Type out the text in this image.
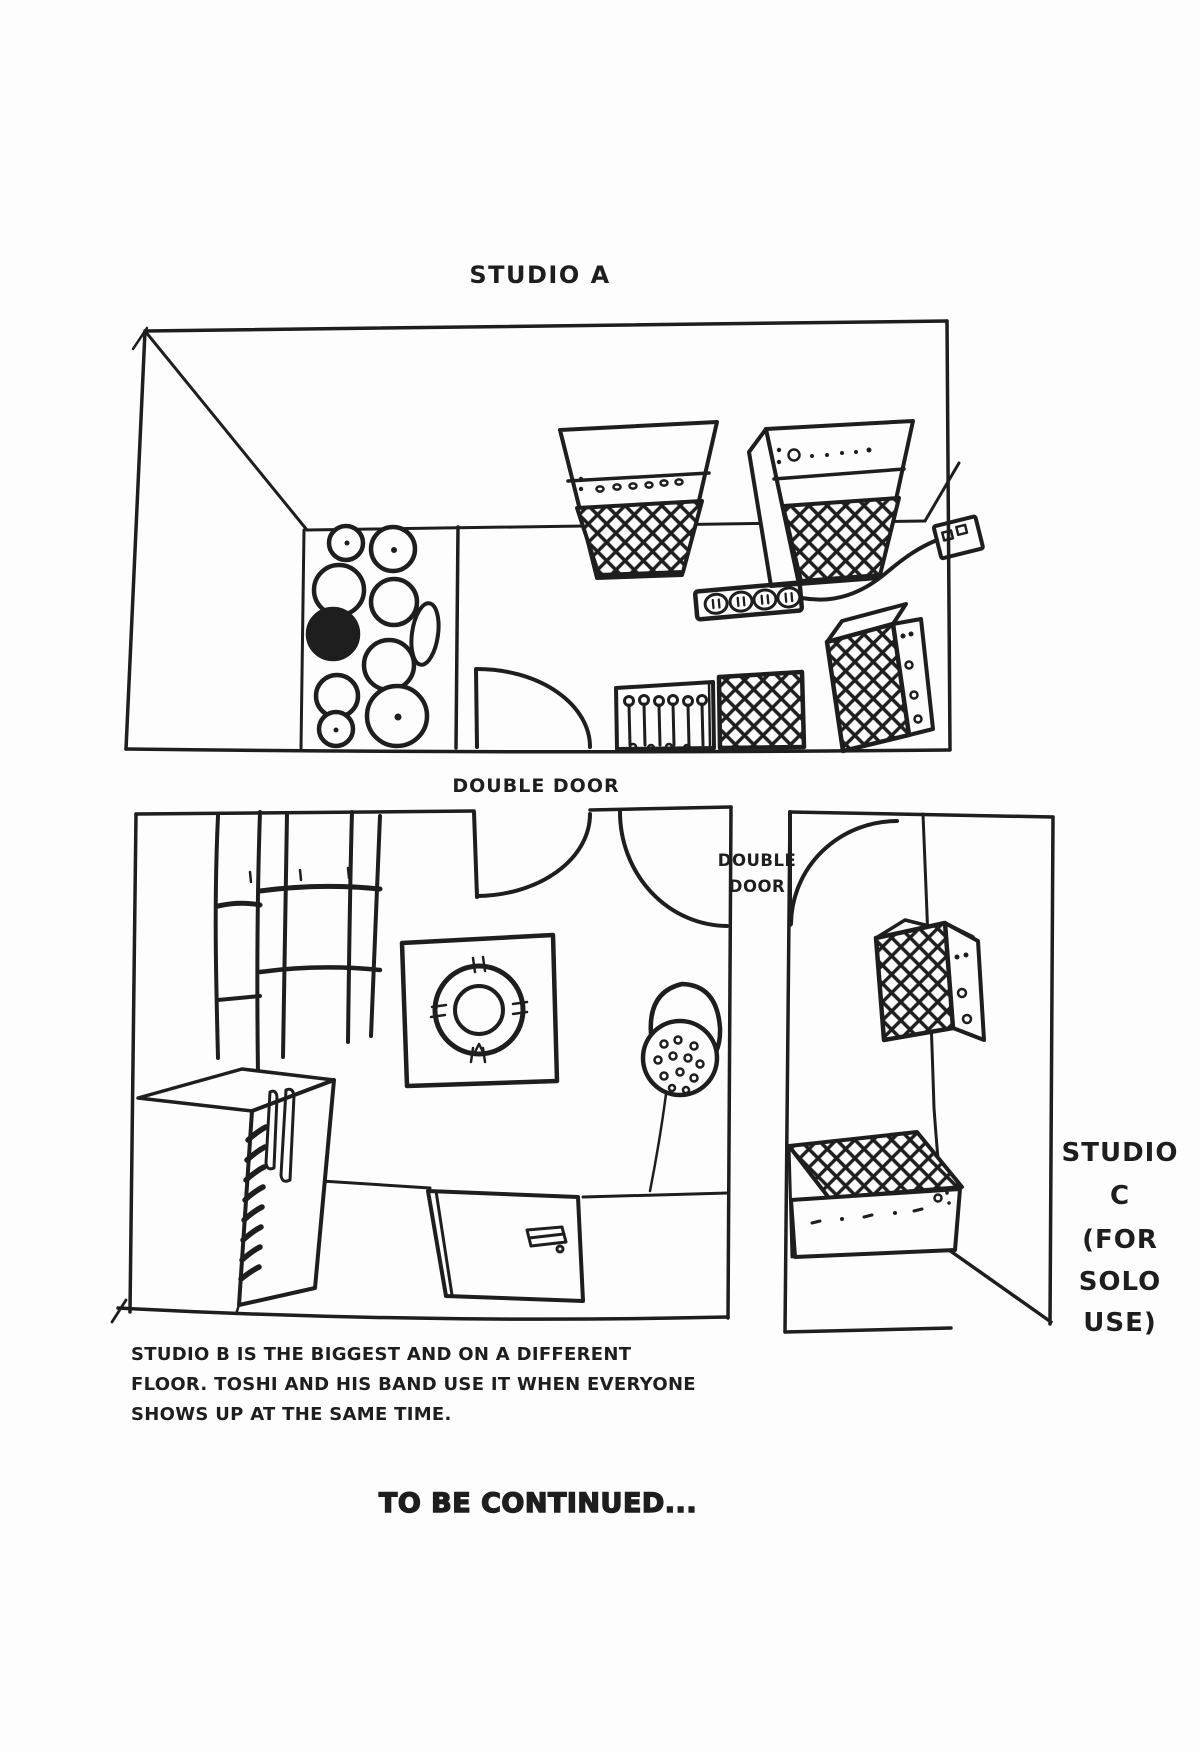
STUDIO A
DOUBLE DOOR
DOUBLE
DOOR
STUDIO
C
(FOR
SOLO
USE)
STUDIO B IS THE BIGGEST AND ON A DIFFERENT
FLOOR. TOSHI AND HIS BAND USE IT WHEN EVERYONE
SHOWS UP AT THE SAME TIME.
TO BE CONTINUED...
